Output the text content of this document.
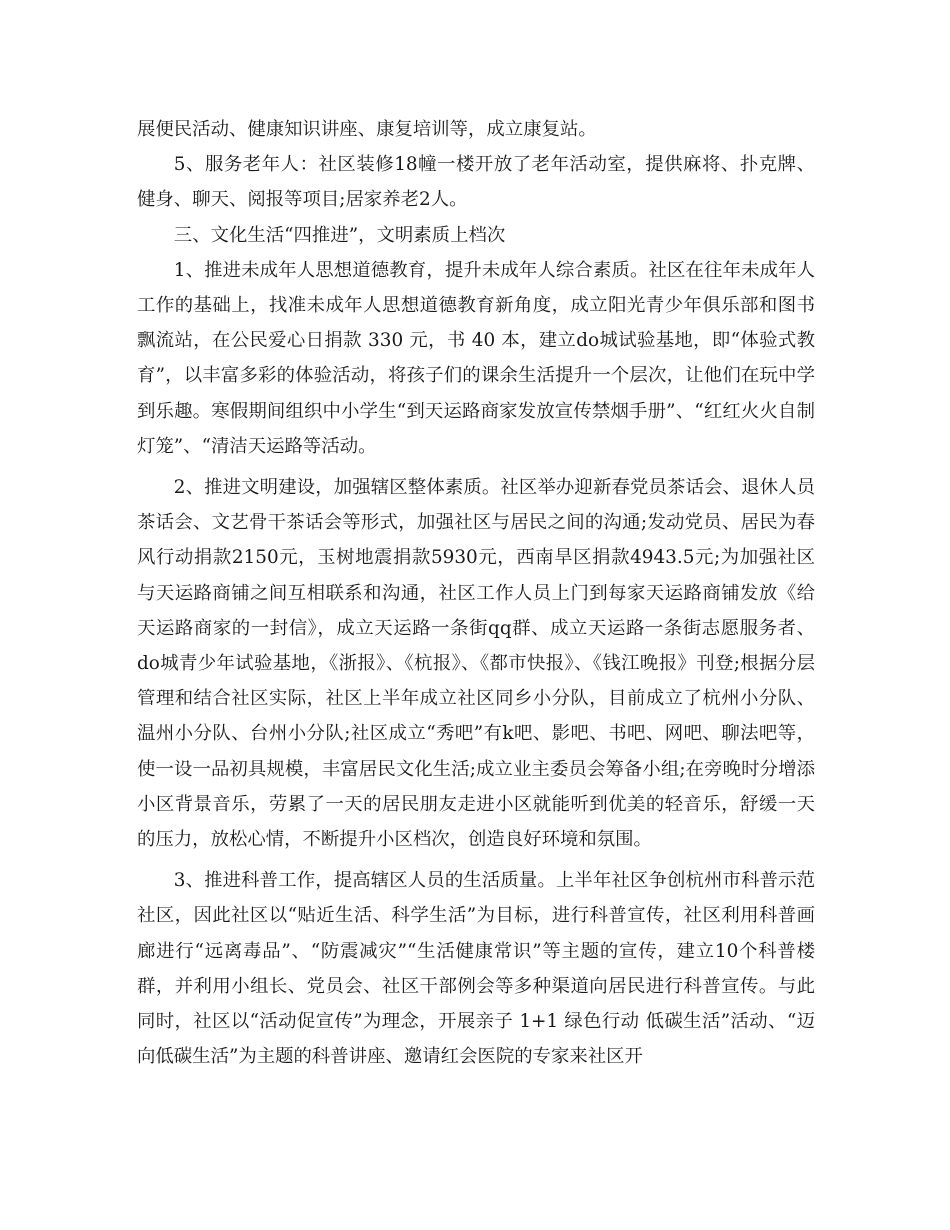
展便民活动、健康知识讲座、康复培训等，成立康复站。

5、服务老年人：社区装修18幢一楼开放了老年活动室，提供麻将、扑克牌、健身、聊天、阅报等项目;居家养老2人。

三、文化生活“四推进”，文明素质上档次

1、推进未成年人思想道德教育，提升未成年人综合素质。社区在往年未成年人工作的基础上，找准未成年人思想道德教育新角度，成立阳光青少年俱乐部和图书飘流站，在公民爱心日捐款 330 元，书 40 本，建立do城试验基地，即“体验式教育”，以丰富多彩的体验活动，将孩子们的课余生活提升一个层次，让他们在玩中学到乐趣。寒假期间组织中小学生“到天运路商家发放宣传禁烟手册”、“红红火火自制灯笼”、“清洁天运路等活动。

2、推进文明建设，加强辖区整体素质。社区举办迎新春党员茶话会、退休人员茶话会、文艺骨干茶话会等形式，加强社区与居民之间的沟通;发动党员、居民为春风行动捐款2150元，玉树地震捐款5930元，西南旱区捐款4943.5元;为加强社区与天运路商铺之间互相联系和沟通，社区工作人员上门到每家天运路商铺发放《给天运路商家的一封信》，成立天运路一条街qq群、成立天运路一条街志愿服务者、do城青少年试验基地，《浙报》、《杭报》、《都市快报》、《钱江晚报》刊登;根据分层管理和结合社区实际，社区上半年成立社区同乡小分队，目前成立了杭州小分队、温州小分队、台州小分队;社区成立“秀吧”有k吧、影吧、书吧、网吧、聊法吧等，使一设一品初具规模，丰富居民文化生活;成立业主委员会筹备小组;在旁晚时分增添小区背景音乐，劳累了一天的居民朋友走进小区就能听到优美的轻音乐，舒缓一天的压力，放松心情，不断提升小区档次，创造良好环境和氛围。

3、推进科普工作，提高辖区人员的生活质量。上半年社区争创杭州市科普示范社区，因此社区以“贴近生活、科学生活”为目标，进行科普宣传，社区利用科普画廊进行“远离毒品”、“防震减灾”“生活健康常识”等主题的宣传，建立10个科普楼群，并利用小组长、党员会、社区干部例会等多种渠道向居民进行科普宣传。与此同时，社区以“活动促宣传”为理念，开展亲子 1+1 绿色行动 低碳生活”活动、“迈向低碳生活”为主题的科普讲座、邀请红会医院的专家来社区开
